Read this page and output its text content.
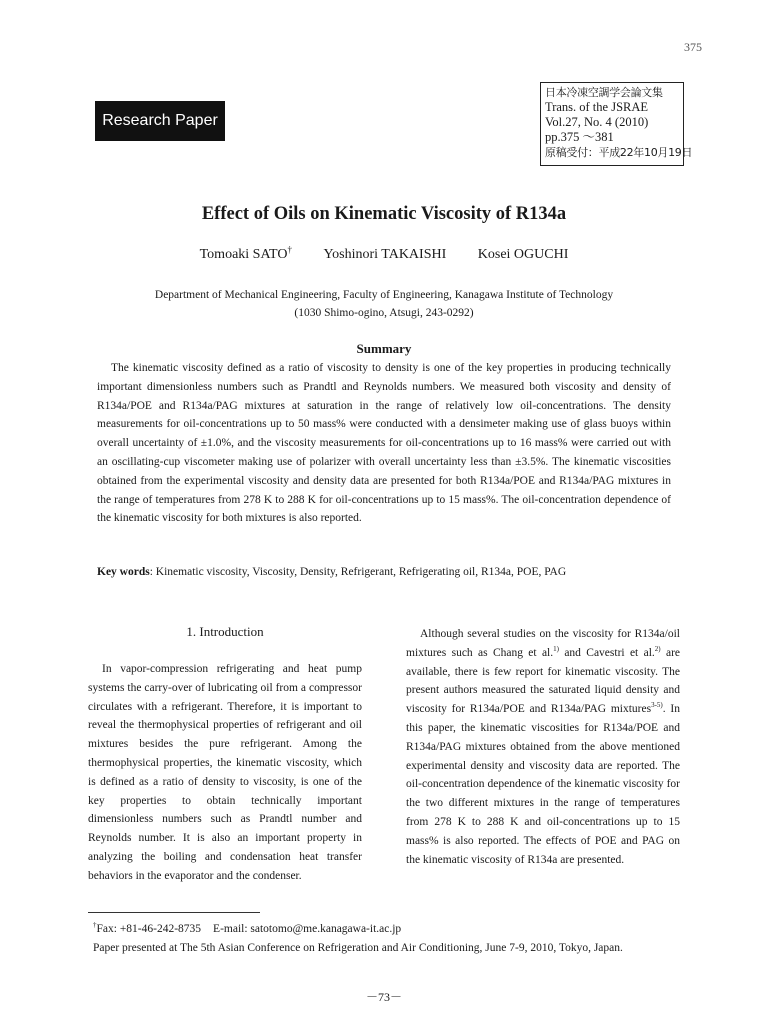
375
Research Paper
日本冷凍空調学会論文集
Trans. of the JSRAE
Vol.27, No. 4 (2010)
pp.375 ～381
原稿受付：平成22年10月19日
Effect of Oils on Kinematic Viscosity of R134a
Tomoaki SATO† Yoshinori TAKAISHI Kosei OGUCHI
Department of Mechanical Engineering, Faculty of Engineering, Kanagawa Institute of Technology
(1030 Shimo-ogino, Atsugi, 243-0292)
Summary

The kinematic viscosity defined as a ratio of viscosity to density is one of the key properties in producing technically important dimensionless numbers such as Prandtl and Reynolds numbers. We measured both viscosity and density of R134a/POE and R134a/PAG mixtures at saturation in the range of relatively low oil-concentrations. The density measurements for oil-concentrations up to 50 mass% were conducted with a densimeter making use of glass buoys within overall uncertainty of ±1.0%, and the viscosity measurements for oil-concentrations up to 16 mass% were carried out with an oscillating-cup viscometer making use of polarizer with overall uncertainty less than ±3.5%. The kinematic viscosities obtained from the experimental viscosity and density data are presented for both R134a/POE and R134a/PAG mixtures in the range of temperatures from 278 K to 288 K for oil-concentrations up to 15 mass%. The oil-concentration dependence of the kinematic viscosity for both mixtures is also reported.

Key words: Kinematic viscosity, Viscosity, Density, Refrigerant, Refrigerating oil, R134a, POE, PAG
1. Introduction

In vapor-compression refrigerating and heat pump systems the carry-over of lubricating oil from a compressor circulates with a refrigerant. Therefore, it is important to reveal the thermophysical properties of refrigerant and oil mixtures besides the pure refrigerant. Among the thermophysical properties, the kinematic viscosity, which is defined as a ratio of density to viscosity, is one of the key properties to obtain technically important dimensionless numbers such as Prandtl number and Reynolds number. It is also an important property in analyzing the boiling and condensation heat transfer behaviors in the evaporator and the condenser.

Although several studies on the viscosity for R134a/oil mixtures such as Chang et al.$^{1)}$ and Cavestri et al.$^{2)}$ are available, there is few report for kinematic viscosity. The present authors measured the saturated liquid density and viscosity for R134a/POE and R134a/PAG mixtures$^{3-5)}$. In this paper, the kinematic viscosities for R134a/POE and R134a/PAG mixtures obtained from the above mentioned experimental density and viscosity data are reported. The oil-concentration dependence of the kinematic viscosity for the two different mixtures in the range of temperatures from 278 K to 288 K and oil-concentrations up to 15 mass% is also reported. The effects of POE and PAG on the kinematic viscosity of R134a are presented.

†Fax: +81-46-242-8735 E-mail: satotomo@me.kanagawa-it.ac.jp

Paper presented at The 5th Asian Conference on Refrigeration and Air Conditioning, June 7-9, 2010, Tokyo, Japan.

－73－
